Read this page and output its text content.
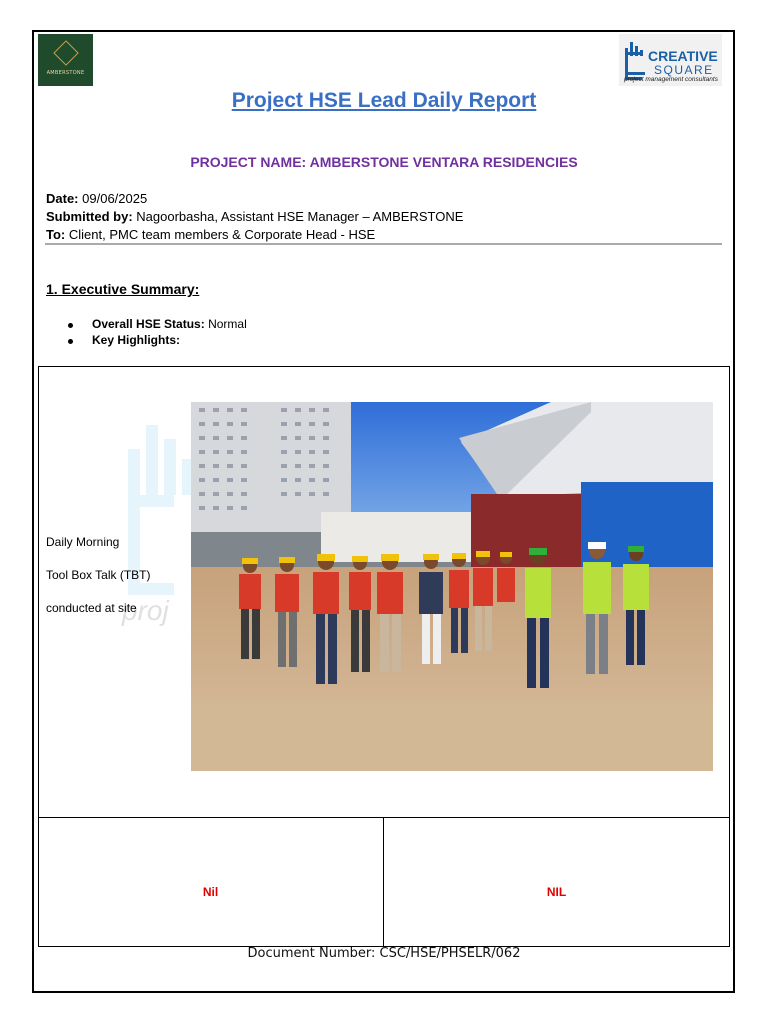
AMBERSTONE
CREATIVE
SQUARE
project management consultants
Project HSE Lead Daily Report
PROJECT NAME: AMBERSTONE VENTARA RESIDENCIES
Date: 09/06/2025
Submitted by: Nagoorbasha, Assistant HSE Manager – AMBERSTONE
To: Client, PMC team members & Corporate Head - HSE
1. Executive Summary:
Overall HSE Status: Normal
Key Highlights:
proj
Daily Morning
Tool Box Talk (TBT)
conducted at site
Nil	NIL
Document Number: CSC/HSE/PHSELR/062
